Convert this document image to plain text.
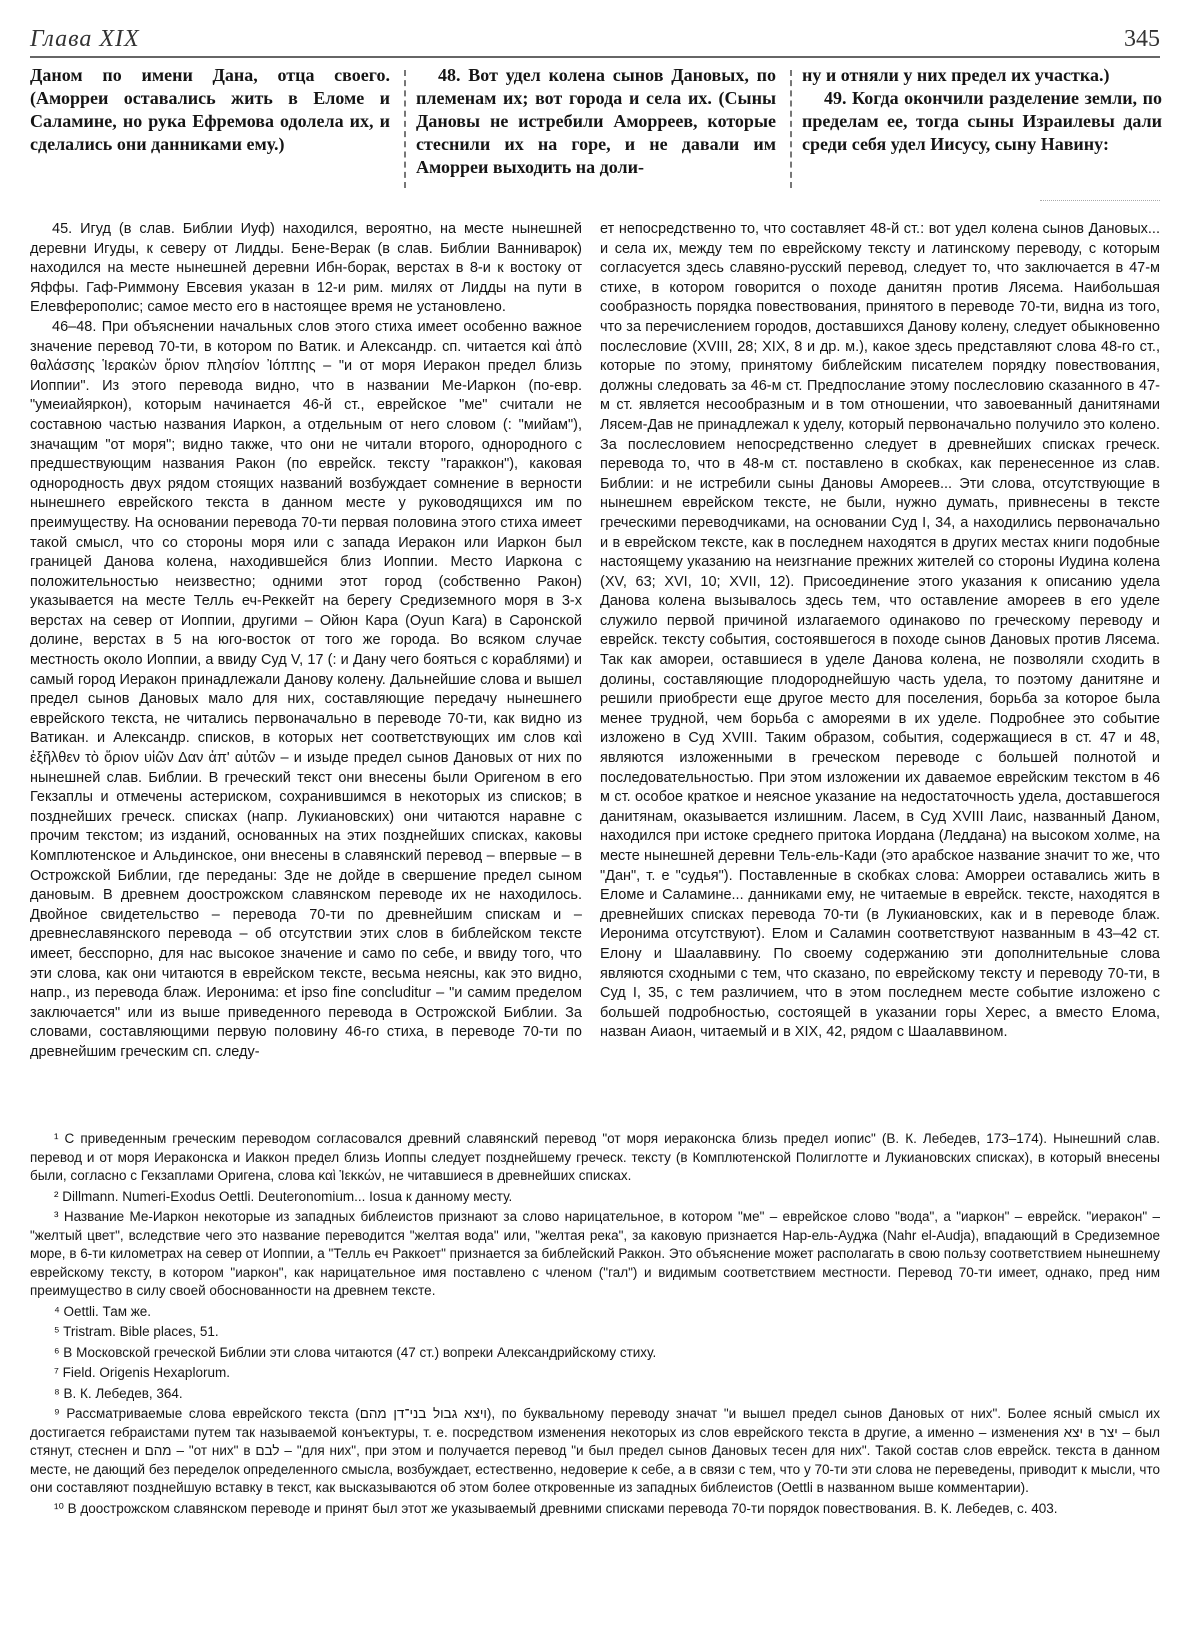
Глава XIX	345

Даном по имени Дана, отца своего. (Аморреи оставались жить в Еломе и Саламине, но рука Ефремова одолела их, и сделались они данниками ему.)

48. Вот удел колена сынов Дановых, по племенам их; вот города и села их. (Сыны Дановы не истребили Аморреев, которые стеснили их на горе, и не давали им Аморреи выходить на доли-

ну и отняли у них предел их участка.)

49. Когда окончили разделение земли, по пределам ее, тогда сыны Израилевы дали среди себя удел Иисусу, сыну Навину:

45. Игуд (в слав. Библии Иуф) находился, вероятно, на месте нынешней деревни Игуды, к северу от Лидды. Бене-Верак (в слав. Библии Ванниварок) находился на месте нынешней деревни Ибн-борак, верстах в 8-и к востоку от Яффы. Гаф-Риммону Евсевия указан в 12-и рим. милях от Лидды на пути в Елевферополис; самое место его в настоящее время не установлено.

46–48. При объяснении начальных слов этого стиха имеет особенно важное значение перевод 70-ти, в котором по Ватик. и Александр. сп. читается καὶ ἀπὸ θαλάσσης Ἱερακὼν ὅριον πλησίον Ἰόππης – "и от моря Иеракон предел близь Иоппии". Из этого перевода видно, что в названии Ме-Иаркон (по-евр. "умеиайяркон), которым начинается 46-й ст., еврейское "ме" считали не составною частью названия Иаркон, а отдельным от него словом (: "мийам"), значащим "от моря"; видно также, что они не читали второго, однородного с предшествующим названия Ракон (по еврейск. тексту "гараккон"), каковая однородность двух рядом стоящих названий возбуждает сомнение в верности нынешнего еврейского текста в данном месте у руководящихся им по преимуществу. На основании перевода 70-ти первая половина этого стиха имеет такой смысл, что со стороны моря или с запада Иеракон или Иаркон был границей Данова колена, находившейся близ Иоппии. Место Иаркона с положительностью неизвестно; одними этот город (собственно Ракон) указывается на месте Телль еч-Реккейт на берегу Средиземного моря в 3-х верстах на север от Иоппии, другими – Ойюн Кара (Oyun Kara) в Саронской долине, верстах в 5 на юго-восток от того же города. Во всяком случае местность около Иоппии, а ввиду Суд V, 17 (: и Дану чего бояться с кораблями) и самый город Иеракон принадлежали Данову колену. Дальнейшие слова и вышел предел сынов Дановых мало для них, составляющие передачу нынешнего еврейского текста, не читались первоначально в переводе 70-ти, как видно из Ватикан. и Александр. списков, в которых нет соответствующих им слов καὶ ἐξῆλθεν τὸ ὅριον υἱῶν Δαν ἀπ' αὐτῶν – и изыде предел сынов Дановых от них по нынешней слав. Библии. В греческий текст они внесены были Оригеном в его Гекзаплы и отмечены астериском, сохранившимся в некоторых из списков; в позднейших греческ. списках (напр. Лукиановских) они читаются наравне с прочим текстом; из изданий, основанных на этих позднейших списках, каковы Комплютенское и Альдинское, они внесены в славянский перевод – впервые – в Острожской Библии, где переданы: Зде не дойде в свершение предел сыном дановым. В древнем доострожском славянском переводе их не находилось. Двойное свидетельство – перевода 70-ти по древнейшим спискам и – древнеславянского перевода – об отсутствии этих слов в библейском тексте имеет, бесспорно, для нас высокое значение и само по себе, и ввиду того, что эти слова, как они читаются в еврейском тексте, весьма неясны, как это видно, напр., из перевода блаж. Иеронима: et ipso fine concluditur – "и самим пределом заключается" или из выше приведенного перевода в Острожской Библии. За словами, составляющими первую половину 46-го стиха, в переводе 70-ти по древнейшим греческим сп. следу-

ет непосредственно то, что составляет 48-й ст.: вот удел колена сынов Дановых... и села их, между тем по еврейскому тексту и латинскому переводу, с которым согласуется здесь славяно-русский перевод, следует то, что заключается в 47-м стихе, в котором говорится о походе данитян против Лясема. Наибольшая сообразность порядка повествования, принятого в переводе 70-ти, видна из того, что за перечислением городов, доставшихся Данову колену, следует обыкновенно послесловие (XVIII, 28; XIX, 8 и др. м.), какое здесь представляют слова 48-го ст., которые по этому, принятому библейским писателем порядку повествования, должны следовать за 46-м ст. Предпослание этому послесловию сказанного в 47-м ст. является несообразным и в том отношении, что завоеванный данитянами Лясем-Дав не принадлежал к уделу, который первоначально получило это колено. За послесловием непосредственно следует в древнейших списках греческ. перевода то, что в 48-м ст. поставлено в скобках, как перенесенное из слав. Библии: и не истребили сыны Дановы Амореев... Эти слова, отсутствующие в нынешнем еврейском тексте, не были, нужно думать, привнесены в тексте греческими переводчиками, на основании Суд I, 34, а находились первоначально и в еврейском тексте, как в последнем находятся в других местах книги подобные настоящему указанию на неизгнание прежних жителей со стороны Иудина колена (XV, 63; XVI, 10; XVII, 12). Присоединение этого указания к описанию удела Данова колена вызывалось здесь тем, что оставление амореев в его уделе служило первой причиной излагаемого одинаково по греческому переводу и еврейск. тексту события, состоявшегося в походе сынов Дановых против Лясема. Так как амореи, оставшиеся в уделе Данова колена, не позволяли сходить в долины, составляющие плодороднейшую часть удела, то поэтому данитяне и решили приобрести еще другое место для поселения, борьба за которое была менее трудной, чем борьба с амореями в их уделе. Подробнее это событие изложено в Суд XVIII. Таким образом, события, содержащиеся в ст. 47 и 48, являются изложенными в греческом переводе с большей полнотой и последовательностью. При этом изложении их даваемое еврейским текстом в 46 м ст. особое краткое и неясное указание на недостаточность удела, доставшегося данитянам, оказывается излишним. Ласем, в Суд XVIII Лаис, названный Даном, находился при истоке среднего притока Иордана (Леддана) на высоком холме, на месте нынешней деревни Тель-ель-Кади (это арабское название значит то же, что "Дан", т. е "судья"). Поставленные в скобках слова: Аморреи оставались жить в Еломе и Саламине... данниками ему, не читаемые в еврейск. тексте, находятся в древнейших списках перевода 70-ти (в Лукиановских, как и в переводе блаж. Иеронима отсутствуют). Елом и Саламин соответствуют названным в 43–42 ст. Елону и Шаалаввину. По своему содержанию эти дополнительные слова являются сходными с тем, что сказано, по еврейскому тексту и переводу 70-ти, в Суд I, 35, с тем различием, что в этом последнем месте событие изложено с большей подробностью, состоящей в указании горы Херес, а вместо Елома, назван Аиаон, читаемый и в XIX, 42, рядом с Шаалаввином.

¹ С приведенным греческим переводом согласовался древний славянский перевод "от моря иераконска близь предел иопис" (В. К. Лебедев, 173–174). Нынешний слав. перевод и от моря Иераконска и Иаккон предел близь Иоппы следует позднейшему греческ. тексту (в Комплютенской Полиглотте и Лукиановских списках), в который внесены были, согласно с Гекзаплами Оригена, слова καὶ Ἱεκκών, не читавшиеся в древнейших списках.

² Dillmann. Numeri-Exodus Oettli. Deuteronomium... Iosua к данному месту.

³ Название Ме-Иаркон некоторые из западных библеистов признают за слово нарицательное, в котором "ме" – еврейское слово "вода", а "иаркон" – еврейск. "иеракон" – "желтый цвет", вследствие чего это название переводится "желтая вода" или, "желтая река", за каковую признается Нар-ель-Ауджа (Nahr el-Audja), впадающий в Средиземное море, в 6-ти километрах на север от Иоппии, а "Телль еч Раккоет" признается за библейский Раккон. Это объяснение может располагать в свою пользу соответствием нынешнему еврейскому тексту, в котором "иаркон", как нарицательное имя поставлено с членом ("гал") и видимым соответствием местности. Перевод 70-ти имеет, однако, пред ним преимущество в силу своей обоснованности на древнем тексте.

⁴ Oettli. Там же.

⁵ Tristram. Bible places, 51.

⁶ В Московской греческой Библии эти слова читаются (47 ст.) вопреки Александрийскому стиху.

⁷ Field. Origenis Hexaplorum.

⁸ В. К. Лебедев, 364.

⁹ Рассматриваемые слова еврейского текста (ויצא גבול בני־דן מהם), по буквальному переводу значат "и вышел предел сынов Дановых от них". Более ясный смысл их достигается гебраистами путем так называемой конъектуры, т. е. посредством изменения некоторых из слов еврейского текста в другие, а именно – изменения יצא в יצר – был стянут, стеснен и מהם – "от них" в לבם – "для них", при этом и получается перевод "и был предел сынов Дановых тесен для них". Такой состав слов еврейск. текста в данном месте, не дающий без переделок определенного смысла, возбуждает, естественно, недоверие к себе, а в связи с тем, что у 70-ти эти слова не переведены, приводит к мысли, что они составляют позднейшую вставку в текст, как высказываются об этом более откровенные из западных библеистов (Oettli в названном выше комментарии).

¹⁰ В доострожском славянском переводе и принят был этот же указываемый древними списками перевода 70-ти порядок повествования. В. К. Лебедев, с. 403.
